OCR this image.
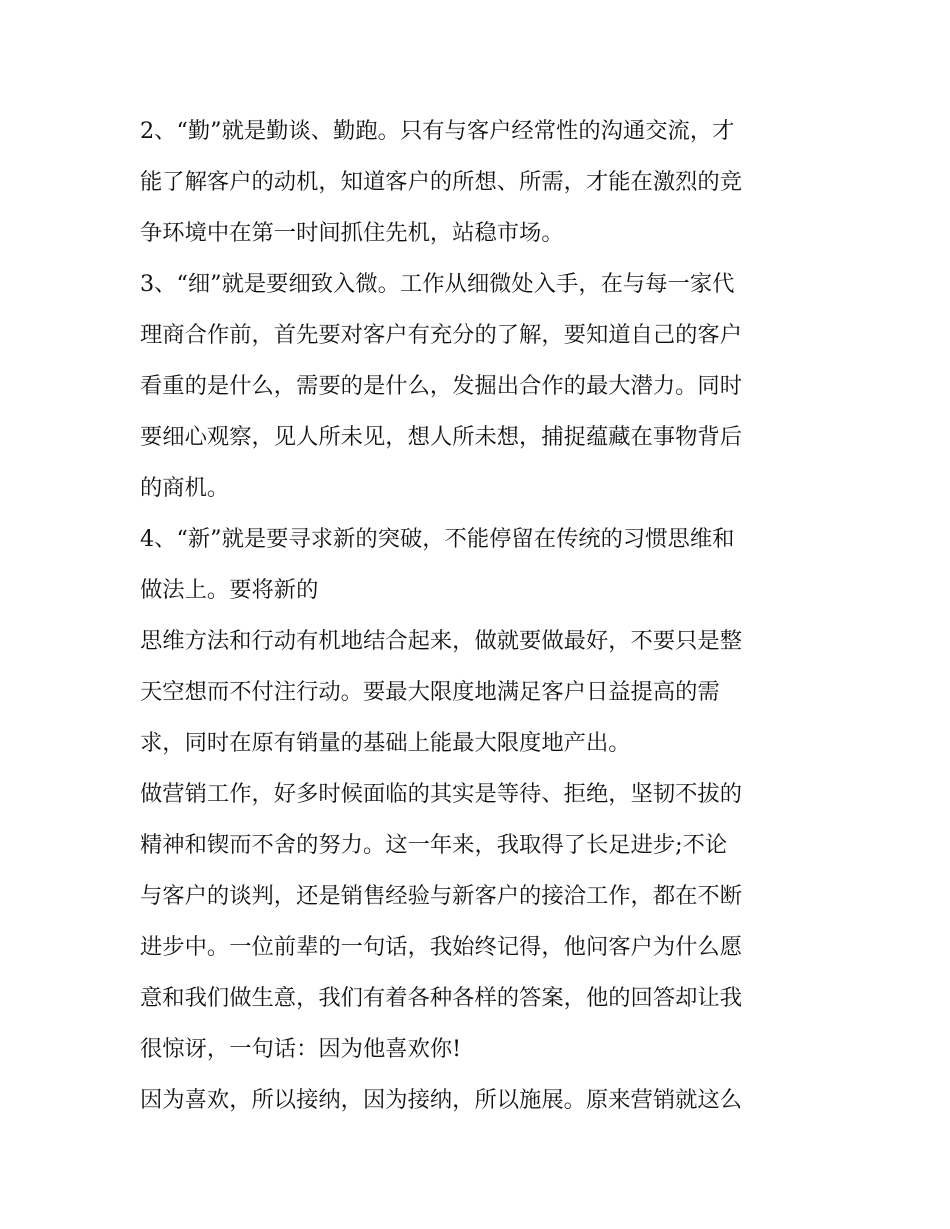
2、“勤”就是勤谈、勤跑。只有与客户经常性的沟通交流，才
能了解客户的动机，知道客户的所想、所需，才能在激烈的竞
争环境中在第一时间抓住先机，站稳市场。
3、“细”就是要细致入微。工作从细微处入手，在与每一家代
理商合作前，首先要对客户有充分的了解，要知道自己的客户
看重的是什么，需要的是什么，发掘出合作的最大潜力。同时
要细心观察，见人所未见，想人所未想，捕捉蕴藏在事物背后
的商机。
4、“新”就是要寻求新的突破，不能停留在传统的习惯思维和
做法上。要将新的
思维方法和行动有机地结合起来，做就要做最好，不要只是整
天空想而不付注行动。要最大限度地满足客户日益提高的需
求，同时在原有销量的基础上能最大限度地产出。
做营销工作，好多时候面临的其实是等待、拒绝，坚韧不拔的
精神和锲而不舍的努力。这一年来，我取得了长足进步;不论
与客户的谈判，还是销售经验与新客户的接洽工作，都在不断
进步中。一位前辈的一句话，我始终记得，他问客户为什么愿
意和我们做生意，我们有着各种各样的答案，他的回答却让我
很惊讶，一句话：因为他喜欢你!
因为喜欢，所以接纳，因为接纳，所以施展。原来营销就这么
